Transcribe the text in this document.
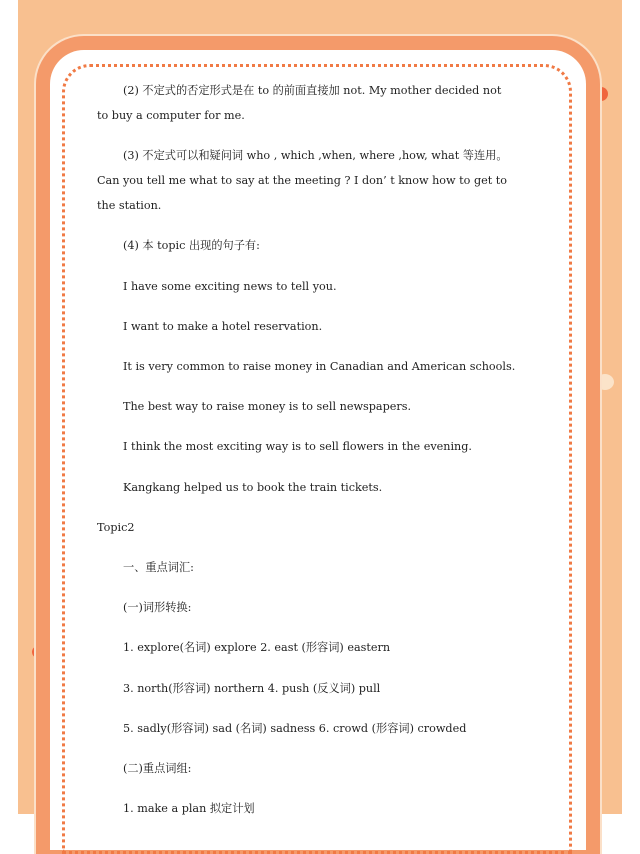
(2) 不定式的否定形式是在 to 的前面直接加 not. My mother decided not
to buy a computer for me.
(3) 不定式可以和疑问词 who , which ,when, where ,how, what 等连用。
Can you tell me what to say at the meeting ? I don’ t know how to get to
the station.
(4) 本 topic 出现的句子有:
I have some exciting news to tell you.
I want to make a hotel reservation.
It is very common to raise money in Canadian and American schools.
The best way to raise money is to sell newspapers.
I think the most exciting way is to sell flowers in the evening.
Kangkang helped us to book the train tickets.
Topic2
一、重点词汇:
(一)词形转换:
1. explore(名词) explore 2. east (形容词) eastern
3. north(形容词) northern 4. push (反义词) pull
5. sadly(形容词) sad (名词) sadness 6. crowd (形容词) crowded
(二)重点词组:
1. make a plan 拟定计划
